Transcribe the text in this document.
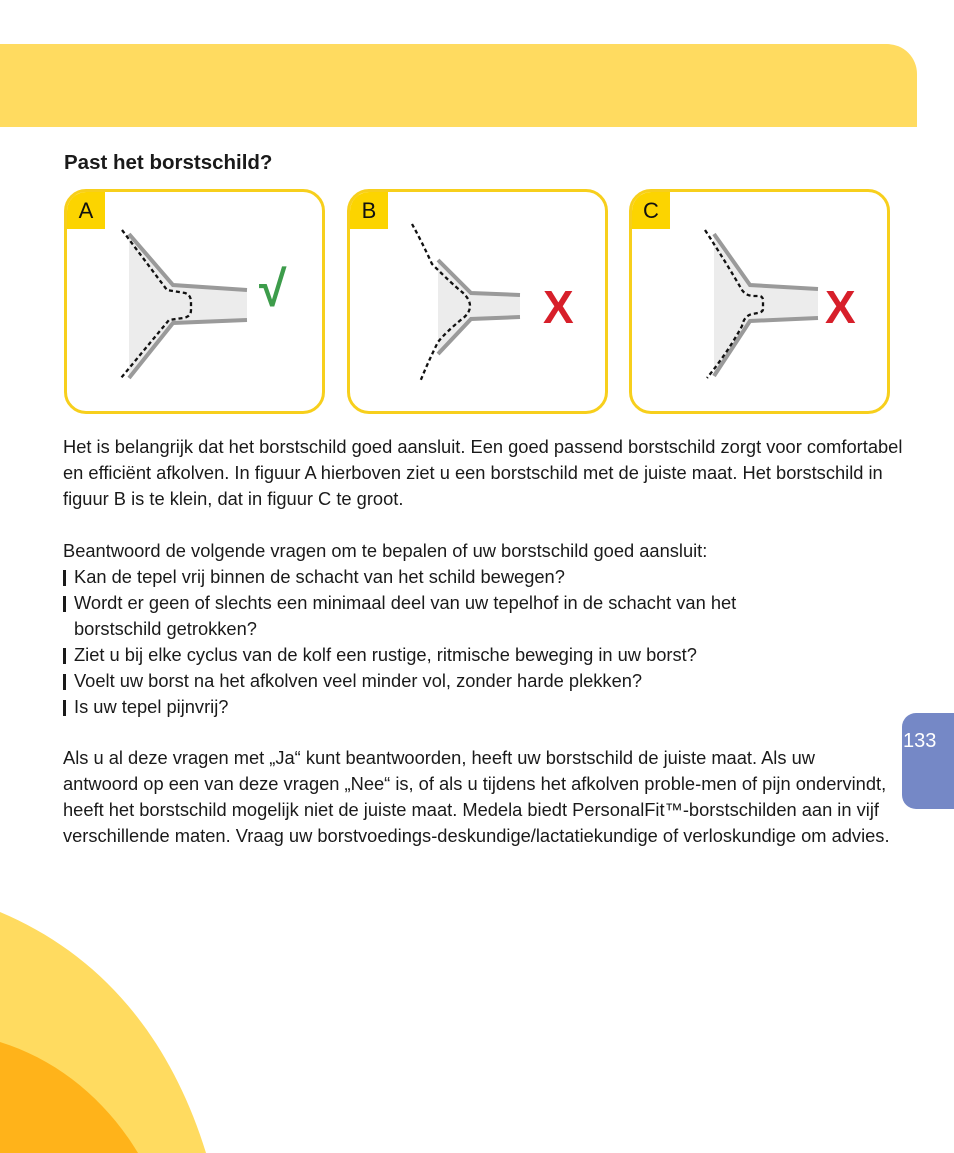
Past het borstschild?
A
√
B
X
C
X

Het is belangrijk dat het borstschild goed aansluit. Een goed passend borstschild zorgt voor comfortabel en efficiënt afkolven. In figuur A hierboven ziet u een borstschild met de juiste maat. Het borstschild in figuur B is te klein, dat in figuur C te groot.

Beantwoord de volgende vragen om te bepalen of uw borstschild goed aansluit:

Kan de tepel vrij binnen de schacht van het schild bewegen?
Wordt er geen of slechts een minimaal deel van uw tepelhof in de schacht van het borstschild getrokken?
Ziet u bij elke cyclus van de kolf een rustige, ritmische beweging in uw borst?
Voelt uw borst na het afkolven veel minder vol, zonder harde plekken?
Is uw tepel pijnvrij?

Als u al deze vragen met „Ja“ kunt beantwoorden, heeft uw borstschild de juiste maat. Als uw antwoord op een van deze vragen „Nee“ is, of als u tijdens het afkolven proble-men of pijn ondervindt, heeft het borstschild mogelijk niet de juiste maat. Medela biedt PersonalFit™-borstschilden aan in vijf verschillende maten. Vraag uw borstvoedings-deskundige/lactatiekundige of verloskundige om advies.

133
